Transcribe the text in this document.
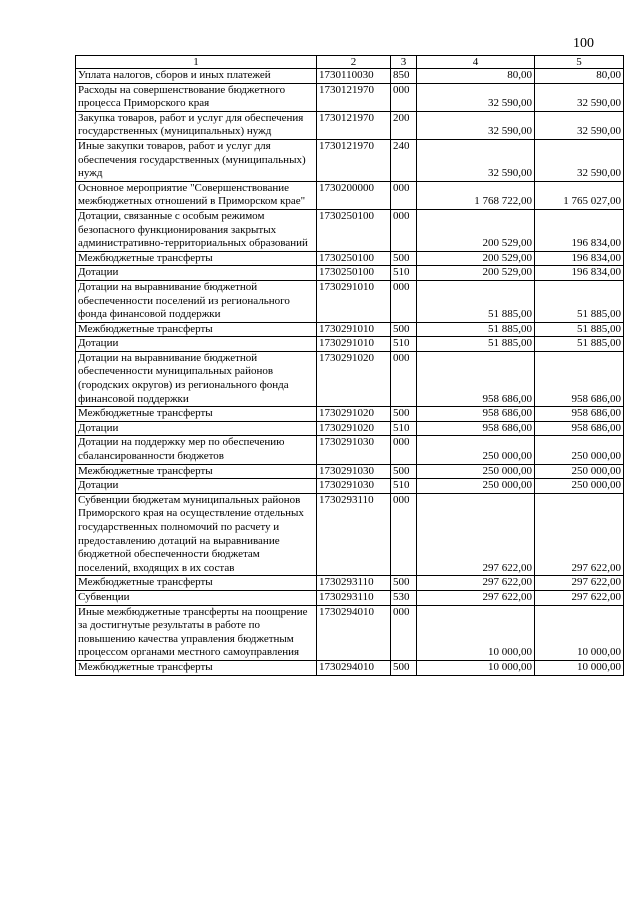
100
1	2	3	4	5
Уплата налогов, сборов и иных платежей	1730110030	850	80,00	80,00
Расходы на совершенствование бюджетного процесса Приморского края	1730121970	000	32 590,00	32 590,00
Закупка товаров, работ и услуг для обеспечения государственных (муниципальных) нужд	1730121970	200	32 590,00	32 590,00
Иные закупки товаров, работ и услуг для обеспечения государственных (муниципальных) нужд	1730121970	240	32 590,00	32 590,00
Основное мероприятие "Совершенствование межбюджетных отношений в Приморском крае"	1730200000	000	1 768 722,00	1 765 027,00
Дотации, связанные с особым режимом безопасного функционирования закрытых административно-территориальных образований	1730250100	000	200 529,00	196 834,00
Межбюджетные трансферты	1730250100	500	200 529,00	196 834,00
Дотации	1730250100	510	200 529,00	196 834,00
Дотации на выравнивание бюджетной обеспеченности поселений из регионального фонда финансовой поддержки	1730291010	000	51 885,00	51 885,00
Межбюджетные трансферты	1730291010	500	51 885,00	51 885,00
Дотации	1730291010	510	51 885,00	51 885,00
Дотации на выравнивание бюджетной обеспеченности муниципальных районов (городских округов) из регионального фонда финансовой поддержки	1730291020	000	958 686,00	958 686,00
Межбюджетные трансферты	1730291020	500	958 686,00	958 686,00
Дотации	1730291020	510	958 686,00	958 686,00
Дотации на поддержку мер по обеспечению сбалансированности бюджетов	1730291030	000	250 000,00	250 000,00
Межбюджетные трансферты	1730291030	500	250 000,00	250 000,00
Дотации	1730291030	510	250 000,00	250 000,00
Субвенции бюджетам муниципальных районов Приморского края на осуществление отдельных государственных полномочий по расчету и предоставлению дотаций на выравнивание бюджетной обеспеченности бюджетам поселений, входящих в их состав	1730293110	000	297 622,00	297 622,00
Межбюджетные трансферты	1730293110	500	297 622,00	297 622,00
Субвенции	1730293110	530	297 622,00	297 622,00
Иные межбюджетные трансферты на поощрение за достигнутые результаты в работе по повышению качества управления бюджетным процессом органами местного самоуправления	1730294010	000	10 000,00	10 000,00
Межбюджетные трансферты	1730294010	500	10 000,00	10 000,00
